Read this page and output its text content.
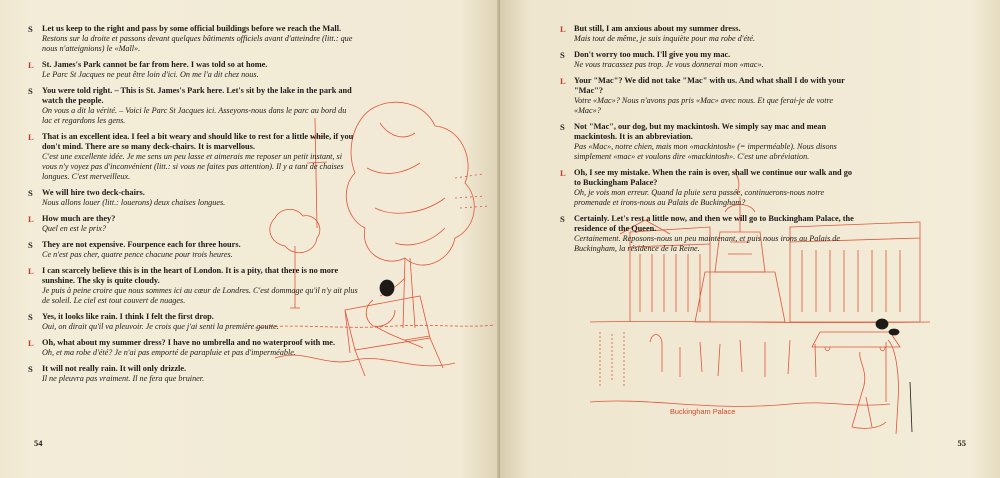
S Let us keep to the right and pass by some official buildings before we reach the Mall.
Restons sur la droite et passons devant quelques bâtiments officiels avant d'atteindre (litt.: que nous n'atteignions) le «Mall».
L St. James's Park cannot be far from here. I was told so at home.
Le Parc St Jacques ne peut être loin d'ici. On me l'a dit chez nous.
S You were told right. – This is St. James's Park here. Let's sit by the lake in the park and watch the people.
On vous a dit la vérité. – Voici le Parc St Jacques ici. Asseyons-nous dans le parc au bord du lac et regardons les gens.
L That is an excellent idea. I feel a bit weary and should like to rest for a little while, if you don't mind. There are so many deck-chairs. It is marvellous.
C'est une excellente idée. Je me sens un peu lasse et aimerais me reposer un petit instant, si vous n'y voyez pas d'inconvénient (litt.: si vous ne faites pas attention). Il y a tant de chaises longues. C'est merveilleux.
S We will hire two deck-chairs.
Nous allons louer (litt.: louerons) deux chaises longues.
L How much are they?
Quel en est le prix?
S They are not expensive. Fourpence each for three hours.
Ce n'est pas cher, quatre pence chacune pour trois heures.
L I can scarcely believe this is in the heart of London. It is a pity, that there is no more sunshine. The sky is quite cloudy.
Je puis à peine croire que nous sommes ici au cœur de Londres. C'est dommage qu'il n'y ait plus de soleil. Le ciel est tout couvert de nuages.
S Yes, it looks like rain. I think I felt the first drop.
Oui, on dirait qu'il va pleuvoir. Je crois que j'ai senti la première goutte.
L Oh, what about my summer dress? I have no umbrella and no waterproof with me.
Oh, et ma robe d'été? Je n'ai pas emporté de parapluie et pas d'imperméable.
S It will not really rain. It will only drizzle.
Il ne pleuvra pas vraiment. Il ne fera que bruiner.
54
L But still, I am anxious about my summer dress.
Mais tout de même, je suis inquiète pour ma robe d'été.
S Don't worry too much. I'll give you my mac.
Ne vous tracassez pas trop. Je vous donnerai mon «mac».
L Your "Mac"? We did not take "Mac" with us. And what shall I do with your "Mac"?
Votre «Mac»? Nous n'avons pas pris «Mac» avec nous. Et que ferai-je de votre «Mac»?
S Not "Mac", our dog, but my mackintosh. We simply say mac and mean mackintosh. It is an abbreviation.
Pas «Mac», notre chien, mais mon «mackintosh» (= imperméable). Nous disons simplement «mac» et voulons dire «mackintosh». C'est une abréviation.
L Oh, I see my mistake. When the rain is over, shall we continue our walk and go to Buckingham Palace?
Oh, je vois mon erreur. Quand la pluie sera passée, continuerons-nous notre promenade et irons-nous au Palais de Buckingham?
S Certainly. Let's rest a little now, and then we will go to Buckingham Palace, the residence of the Queen.
Certainement. Reposons-nous un peu maintenant, et puis nous irons au Palais de Buckingham, la résidence de la Reine.
Buckingham Palace
55
